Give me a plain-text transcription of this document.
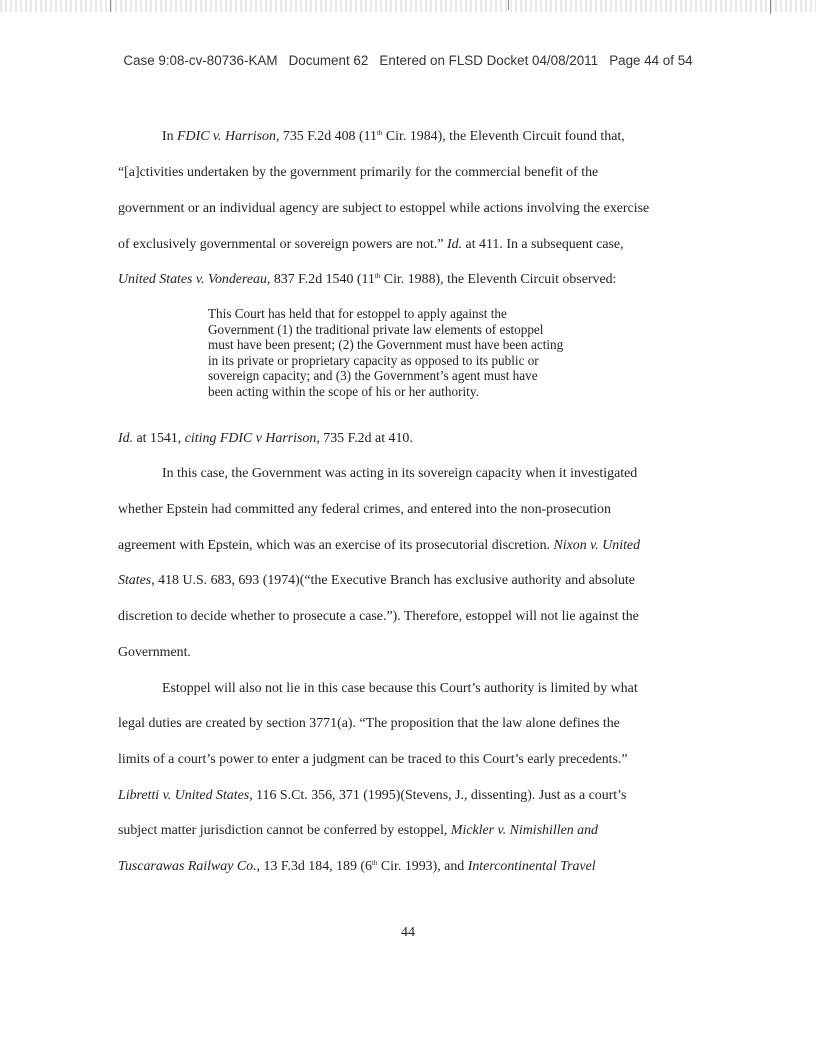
Case 9:08-cv-80736-KAM   Document 62   Entered on FLSD Docket 04/08/2011   Page 44 of 54
In FDIC v. Harrison, 735 F.2d 408 (11th Cir. 1984), the Eleventh Circuit found that,
“[a]ctivities undertaken by the government primarily for the commercial benefit of the
government or an individual agency are subject to estoppel while actions involving the exercise
of exclusively governmental or sovereign powers are not.” Id. at 411. In a subsequent case,
United States v. Vondereau, 837 F.2d 1540 (11th Cir. 1988), the Eleventh Circuit observed:
This Court has held that for estoppel to apply against the
Government (1) the traditional private law elements of estoppel
must have been present; (2) the Government must have been acting
in its private or proprietary capacity as opposed to its public or
sovereign capacity; and (3) the Government’s agent must have
been acting within the scope of his or her authority.
Id. at 1541, citing FDIC v Harrison, 735 F.2d at 410.
In this case, the Government was acting in its sovereign capacity when it investigated
whether Epstein had committed any federal crimes, and entered into the non-prosecution
agreement with Epstein, which was an exercise of its prosecutorial discretion. Nixon v. United
States, 418 U.S. 683, 693 (1974)(“the Executive Branch has exclusive authority and absolute
discretion to decide whether to prosecute a case.”). Therefore, estoppel will not lie against the
Government.
Estoppel will also not lie in this case because this Court’s authority is limited by what
legal duties are created by section 3771(a). “The proposition that the law alone defines the
limits of a court’s power to enter a judgment can be traced to this Court’s early precedents.”
Libretti v. United States, 116 S.Ct. 356, 371 (1995)(Stevens, J., dissenting). Just as a court’s
subject matter jurisdiction cannot be conferred by estoppel, Mickler v. Nimishillen and
Tuscarawas Railway Co., 13 F.3d 184, 189 (6th Cir. 1993), and Intercontinental Travel
44
